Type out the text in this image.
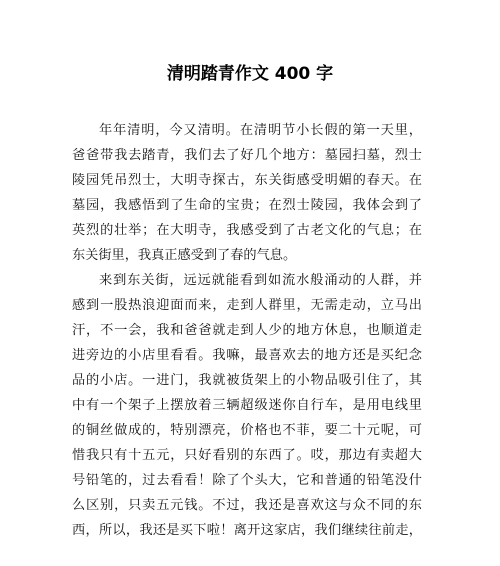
清明踏青作文 400 字
年年清明，今又清明。在清明节小长假的第一天里，
爸爸带我去踏青，我们去了好几个地方：墓园扫墓，烈士
陵园凭吊烈士，大明寺探古，东关街感受明媚的春天。在
墓园，我感悟到了生命的宝贵；在烈士陵园，我体会到了
英烈的壮举；在大明寺，我感受到了古老文化的气息；在
东关街里，我真正感受到了春的气息。
来到东关街，远远就能看到如流水般涌动的人群，并
感到一股热浪迎面而来，走到人群里，无需走动，立马出
汗，不一会，我和爸爸就走到人少的地方休息，也顺道走
进旁边的小店里看看。我嘛，最喜欢去的地方还是买纪念
品的小店。一进门，我就被货架上的小物品吸引住了，其
中有一个架子上摆放着三辆超级迷你自行车，是用电线里
的铜丝做成的，特别漂亮，价格也不菲，要二十元呢，可
惜我只有十五元，只好看别的东西了。哎，那边有卖超大
号铅笔的，过去看看！除了个头大，它和普通的铅笔没什
么区别，只卖五元钱。不过，我还是喜欢这与众不同的东
西，所以，我还是买下啦！离开这家店，我们继续往前走，
